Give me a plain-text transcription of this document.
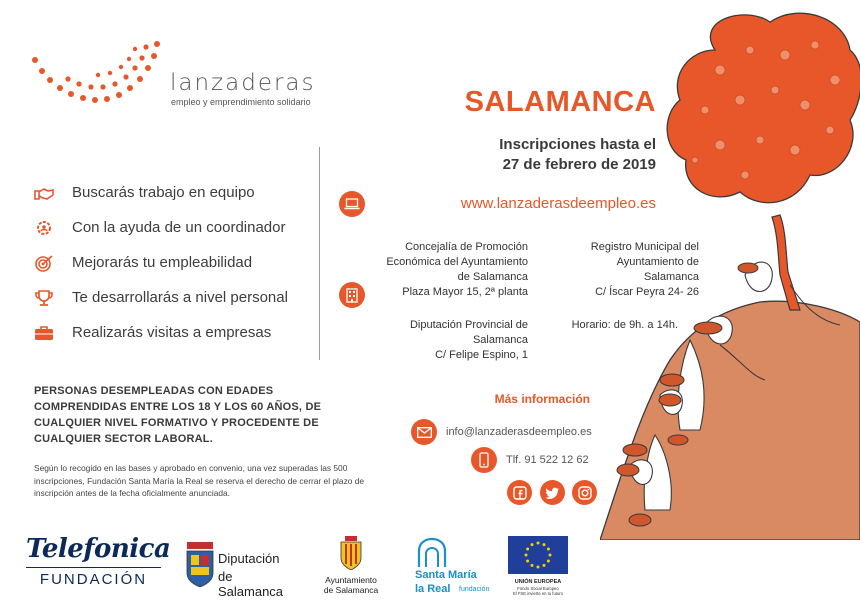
lanzaderas
empleo y emprendimiento solidario
Buscarás trabajo en equipo
Con la ayuda de un coordinador
Mejorarás tu empleabilidad
Te desarrollarás a nivel personal
Realizarás visitas a empresas
PERSONAS DESEMPLEADAS CON EDADES COMPRENDIDAS ENTRE LOS 18 Y LOS 60 AÑOS, DE CUALQUIER NIVEL FORMATIVO Y PROCEDENTE DE CUALQUIER SECTOR LABORAL.
Según lo recogido en las bases y aprobado en convenio, una vez superadas las 500 inscripciones, Fundación Santa María la Real se reserva el derecho de cerrar el plazo de inscripción antes de la fecha oficialmente anunciada.
SALAMANCA
Inscripciones hasta el
27 de febrero de 2019
www.lanzaderasdeempleo.es
Concejalía de Promoción
Económica del Ayuntamiento
de Salamanca
Plaza Mayor 15, 2ª planta
Registro Municipal del
Ayuntamiento de
Salamanca
C/ Íscar Peyra 24- 26
Diputación Provincial de
Salamanca
C/ Felipe Espino, 1
Horario: de 9h. a 14h.
Más información
info@lanzaderasdeempleo.es
Tlf. 91 522 12 62
Telefonica
FUNDACIÓN
Diputación
de Salamanca
Ayuntamiento
de Salamanca
Santa María
la Real fundación
UNIÓN EUROPEA
Fondo Social Europeo
El FSE invierte en tu futuro
